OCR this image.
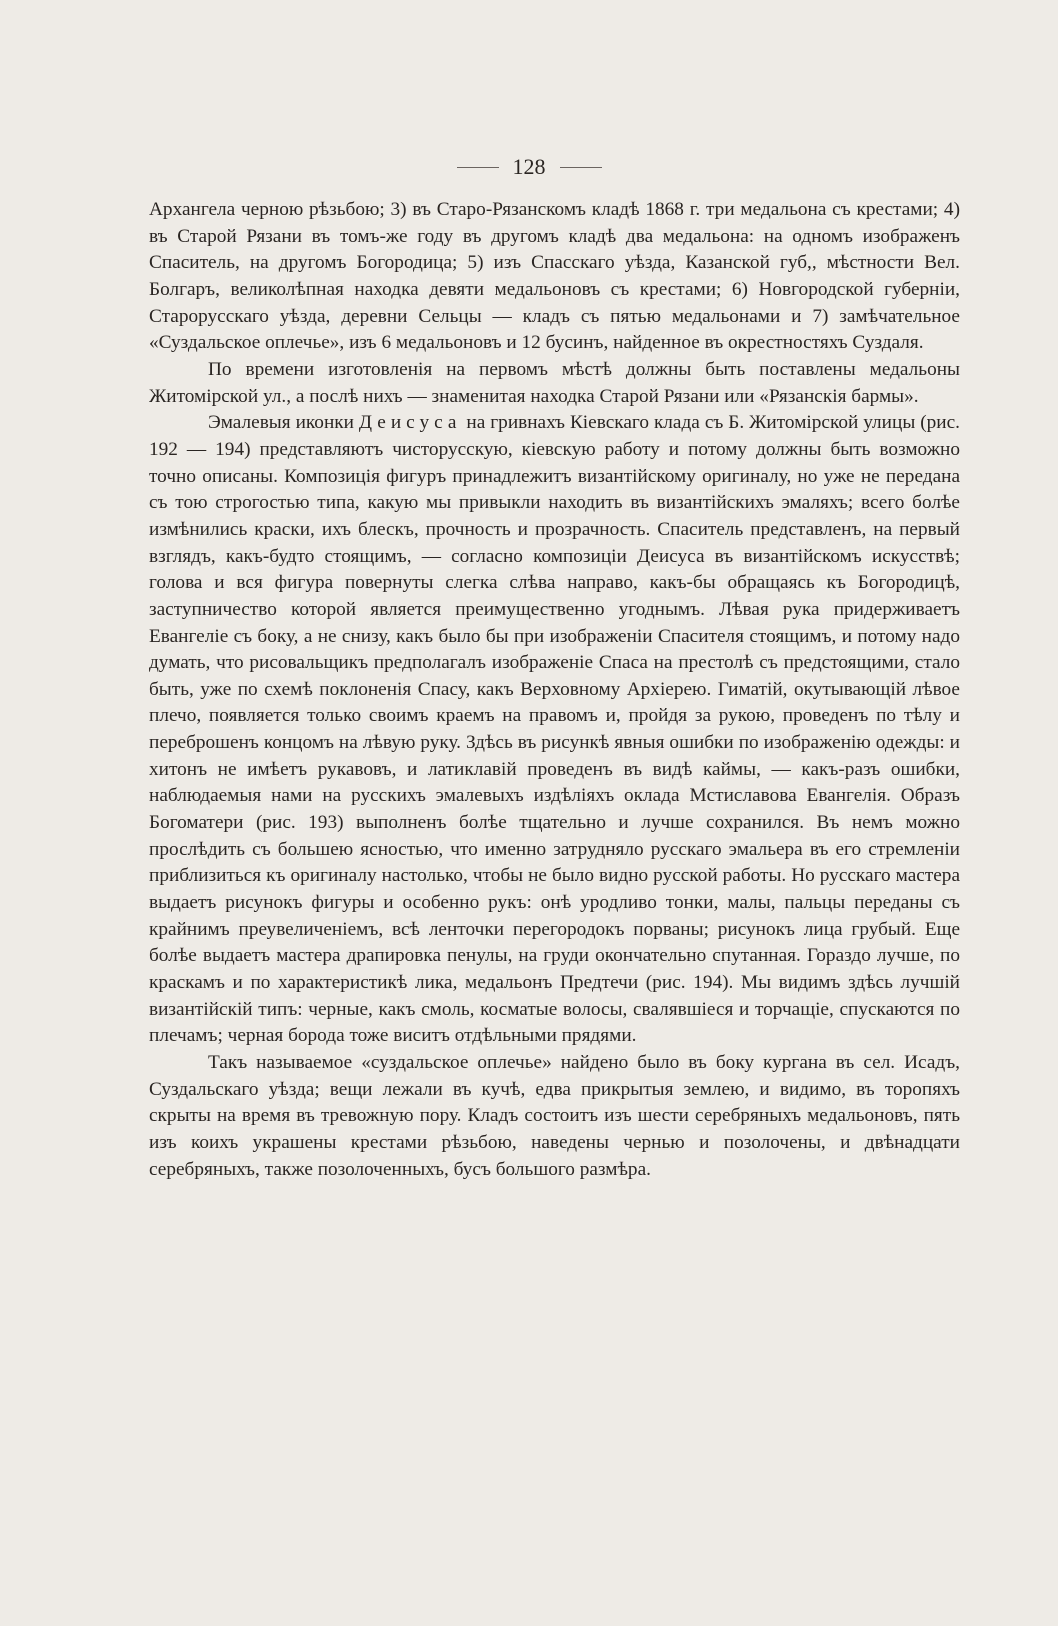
128

Архангела черною рѣзьбою; 3) въ Старо-Рязанскомъ кладѣ 1868 г. три медальона съ крестами; 4) въ Старой Рязани въ томъ-же году въ другомъ кладѣ два медальона: на одномъ изображенъ Спаситель, на другомъ Богородица; 5) изъ Спасскаго уѣзда, Казанской губ,, мѣстности Вел. Болгаръ, великолѣпная находка девяти медальоновъ съ крестами; 6) Новгородской губерніи, Старорусскаго уѣзда, деревни Сельцы — кладъ съ пятью медальонами и 7) замѣчательное «Суздальское оплечье», изъ 6 медальоновъ и 12 бусинъ, найденное въ окрестностяхъ Суздаля.

По времени изготовленія на первомъ мѣстѣ должны быть поставлены медальоны Житомірской ул., а послѣ нихъ — знаменитая находка Старой Рязани или «Рязанскія бармы».

Эмалевыя иконки Деисуса на гривнахъ Кіевскаго клада съ Б. Житомірской улицы (рис. 192 — 194) представляютъ чисторусскую, кіевскую работу и потому должны быть возможно точно описаны. Композиція фигуръ принадлежитъ византійскому оригиналу, но уже не передана съ тою строгостью типа, какую мы привыкли находить въ византійскихъ эмаляхъ; всего болѣе измѣнились краски, ихъ блескъ, прочность и прозрачность. Спаситель представленъ, на первый взглядъ, какъ-будто стоящимъ, — согласно композиціи Деисуса въ византійскомъ искусствѣ; голова и вся фигура повернуты слегка слѣва направо, какъ-бы обращаясь къ Богородицѣ, заступничество которой является преимущественно угоднымъ. Лѣвая рука придерживаетъ Евангеліе съ боку, а не снизу, какъ было бы при изображеніи Спасителя стоящимъ, и потому надо думать, что рисовальщикъ предполагалъ изображеніе Спаса на престолѣ съ предстоящими, стало быть, уже по схемѣ поклоненія Спасу, какъ Верховному Архіерею. Гиматій, окутывающій лѣвое плечо, появляется только своимъ краемъ на правомъ и, пройдя за рукою, проведенъ по тѣлу и переброшенъ концомъ на лѣвую руку. Здѣсь въ рисункѣ явныя ошибки по изображенію одежды: и хитонъ не имѣетъ рукавовъ, и латиклавій проведенъ въ видѣ каймы, — какъ-разъ ошибки, наблюдаемыя нами на русскихъ эмалевыхъ издѣліяхъ оклада Мстиславова Евангелія. Образъ Богоматери (рис. 193) выполненъ болѣе тщательно и лучше сохранился. Въ немъ можно прослѣдить съ большею ясностью, что именно затрудняло русскаго эмальера въ его стремленіи приблизиться къ оригиналу настолько, чтобы не было видно русской работы. Но русскаго мастера выдаетъ рисунокъ фигуры и особенно рукъ: онѣ уродливо тонки, малы, пальцы переданы съ крайнимъ преувеличеніемъ, всѣ ленточки перегородокъ порваны; рисунокъ лица грубый. Еще болѣе выдаетъ мастера драпировка пенулы, на груди окончательно спутанная. Гораздо лучше, по краскамъ и по характеристикѣ лика, медальонъ Предтечи (рис. 194). Мы видимъ здѣсь лучшій византійскій типъ: черные, какъ смоль, косматые волосы, свалявшіеся и торчащіе, спускаются по плечамъ; черная борода тоже виситъ отдѣльными прядями.

Такъ называемое «суздальское оплечье» найдено было въ боку кургана въ сел. Исадъ, Суздальскаго уѣзда; вещи лежали въ кучѣ, едва прикрытыя землею, и видимо, въ торопяхъ скрыты на время въ тревожную пору. Кладъ состоитъ изъ шести серебряныхъ медальоновъ, пять изъ коихъ украшены крестами рѣзьбою, наведены чернью и позолочены, и двѣнадцати серебряныхъ, также позолоченныхъ, бусъ большого размѣра.
